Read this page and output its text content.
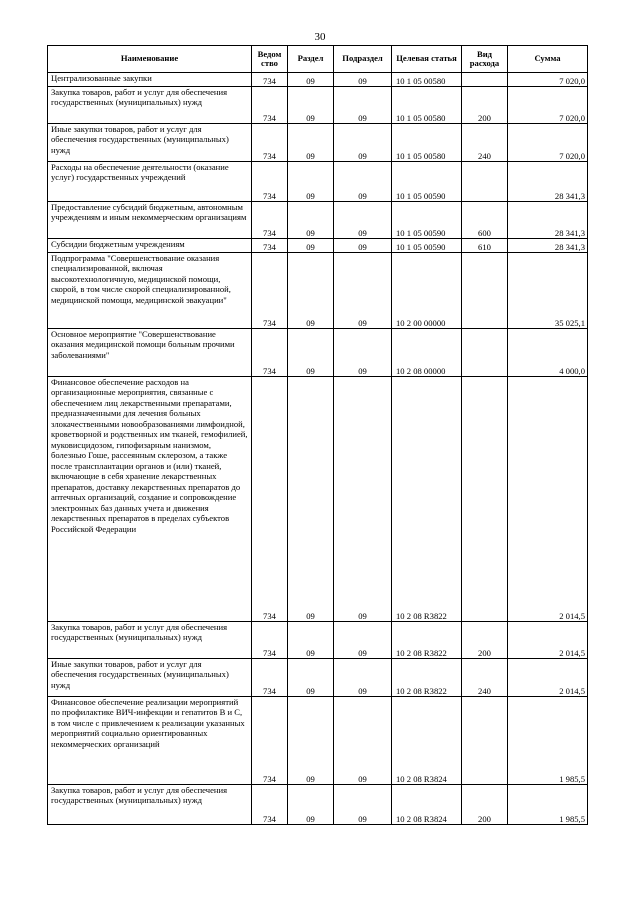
30
Наименование	Ведом ство	Раздел	Подраздел	Целевая статья	Вид расхода	Сумма
Централизованные закупки	734	09	09	10 1 05 00580		7 020,0
Закупка товаров, работ и услуг для обеспечения государственных (муниципальных) нужд	734	09	09	10 1 05 00580	200	7 020,0
Иные закупки товаров, работ и услуг для обеспечения государственных (муниципальных) нужд	734	09	09	10 1 05 00580	240	7 020,0
Расходы на обеспечение деятельности (оказание услуг) государственных учреждений	734	09	09	10 1 05 00590		28 341,3
Предоставление субсидий бюджетным, автономным учреждениям и иным некоммерческим организациям	734	09	09	10 1 05 00590	600	28 341,3
Субсидии бюджетным учреждениям	734	09	09	10 1 05 00590	610	28 341,3
Подпрограмма "Совершенствование оказания специализированной, включая высокотехнологичную, медицинской помощи, скорой, в том числе скорой специализированной, медицинской помощи, медицинской эвакуации"	734	09	09	10 2 00 00000		35 025,1
Основное мероприятие "Совершенствование оказания медицинской помощи больным прочими заболеваниями"	734	09	09	10 2 08 00000		4 000,0
Финансовое обеспечение расходов на организационные мероприятия, связанные с обеспечением лиц лекарственными препаратами, предназначенными для лечения больных злокачественными новообразованиями лимфоидной, кроветворной и родственных им тканей, гемофилией, муковисцидозом, гипофизарным нанизмом, болезнью Гоше, рассеянным склерозом, а также после трансплантации органов и (или) тканей, включающие в себя хранение лекарственных препаратов, доставку лекарственных препаратов до аптечных организаций, создание и сопровождение электронных баз данных учета и движения лекарственных препаратов в пределах субъектов Российской Федерации	734	09	09	10 2 08 R3822		2 014,5
Закупка товаров, работ и услуг для обеспечения государственных (муниципальных) нужд	734	09	09	10 2 08 R3822	200	2 014,5
Иные закупки товаров, работ и услуг для обеспечения государственных (муниципальных) нужд	734	09	09	10 2 08 R3822	240	2 014,5
Финансовое обеспечение реализации мероприятий по профилактике ВИЧ-инфекции и гепатитов В и С, в том числе с привлечением к реализации указанных мероприятий социально ориентированных некоммерческих организаций	734	09	09	10 2 08 R3824		1 985,5
Закупка товаров, работ и услуг для обеспечения государственных (муниципальных) нужд	734	09	09	10 2 08 R3824	200	1 985,5
